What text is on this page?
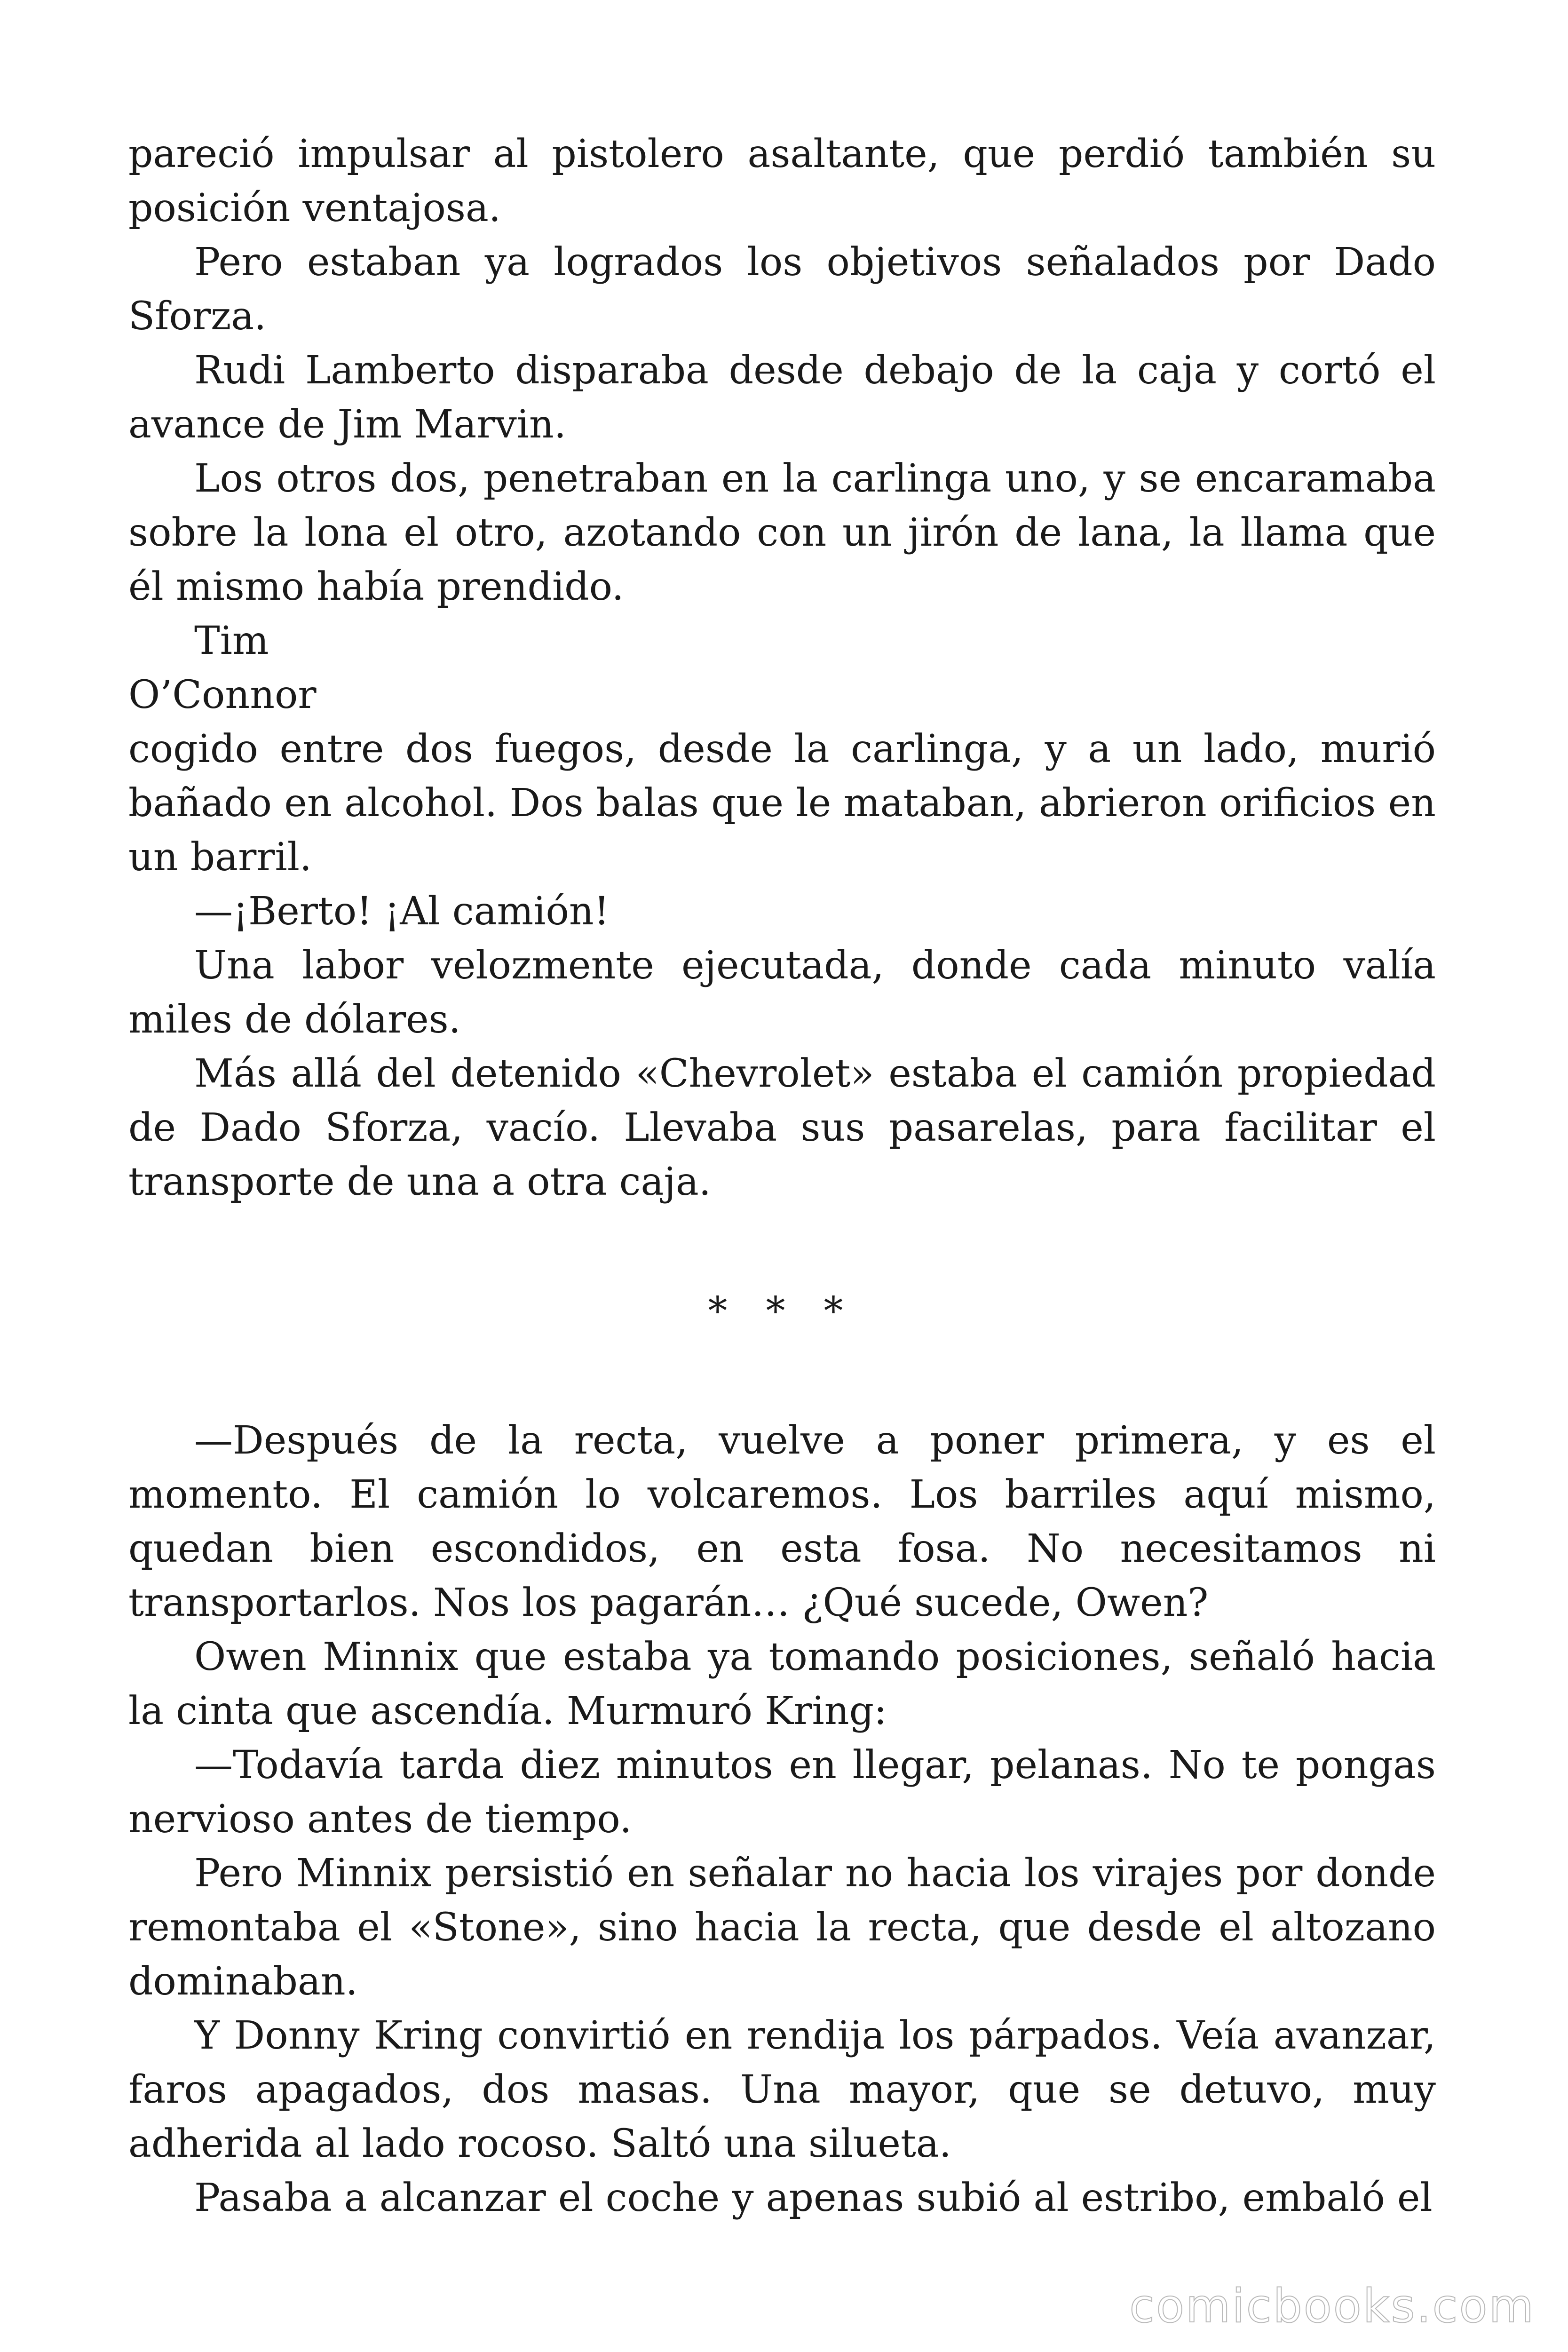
pareció impulsar al pistolero asaltante, que perdió también su posición ventajosa.

Pero estaban ya logrados los objetivos señalados por Dado Sforza.

Rudi Lamberto disparaba desde debajo de la caja y cortó el avance de Jim Marvin.

Los otros dos, penetraban en la carlinga uno, y se encaramaba sobre la lona el otro, azotando con un jirón de lana, la llama que él mismo había prendido.

Tim

O’Connor

cogido entre dos fuegos, desde la carlinga, y a un lado, murió bañado en alcohol. Dos balas que le mataban, abrieron orificios en un barril.

—¡Berto! ¡Al camión!

Una labor velozmente ejecutada, donde cada minuto valía miles de dólares.

Más allá del detenido «Chevrolet» estaba el camión propiedad de Dado Sforza, vacío. Llevaba sus pasarelas, para facilitar el transporte de una a otra caja.

* * *

—Después de la recta, vuelve a poner primera, y es el momento. El camión lo volcaremos. Los barriles aquí mismo, quedan bien escondidos, en esta fosa. No necesitamos ni transportarlos. Nos los pagarán… ¿Qué sucede, Owen?

Owen Minnix que estaba ya tomando posiciones, señaló hacia la cinta que ascendía. Murmuró Kring:

—Todavía tarda diez minutos en llegar, pelanas. No te pongas nervioso antes de tiempo.

Pero Minnix persistió en señalar no hacia los virajes por donde remontaba el «Stone», sino hacia la recta, que desde el altozano dominaban.

Y Donny Kring convirtió en rendija los párpados. Veía avanzar, faros apagados, dos masas. Una mayor, que se detuvo, muy adherida al lado rocoso. Saltó una silueta.

Pasaba a alcanzar el coche y apenas subió al estribo, embaló el

comicbooks.com
